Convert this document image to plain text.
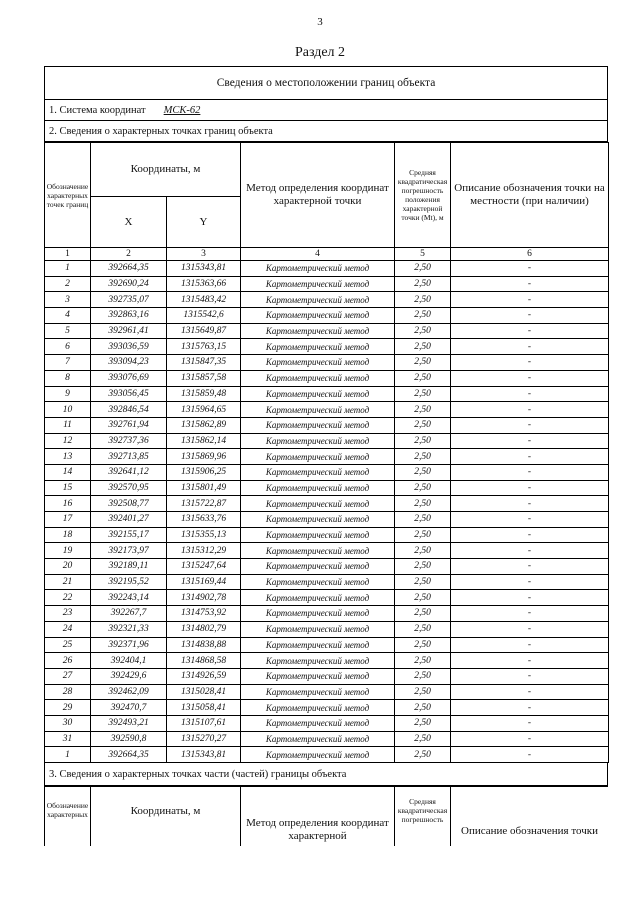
3
Раздел 2
Сведения о местоположении границ объекта
1. Система координат МСК-62
2. Сведения о характерных точках границ объекта
Обозначение характерных точек границ	Координаты, м		Метод определения координат характерной точки	Средняя квадратическая погрешность положения характерной точки (Mt), м	Описание обозначения точки на местности (при наличии)
	X	Y			
1	2	3	4	5	6
1	392664,35	1315343,81	Картометрический метод	2,50	-
2	392690,24	1315363,66	Картометрический метод	2,50	-
3	392735,07	1315483,42	Картометрический метод	2,50	-
4	392863,16	1315542,6	Картометрический метод	2,50	-
5	392961,41	1315649,87	Картометрический метод	2,50	-
6	393036,59	1315763,15	Картометрический метод	2,50	-
7	393094,23	1315847,35	Картометрический метод	2,50	-
8	393076,69	1315857,58	Картометрический метод	2,50	-
9	393056,45	1315859,48	Картометрический метод	2,50	-
10	392846,54	1315964,65	Картометрический метод	2,50	-
11	392761,94	1315862,89	Картометрический метод	2,50	-
12	392737,36	1315862,14	Картометрический метод	2,50	-
13	392713,85	1315869,96	Картометрический метод	2,50	-
14	392641,12	1315906,25	Картометрический метод	2,50	-
15	392570,95	1315801,49	Картометрический метод	2,50	-
16	392508,77	1315722,87	Картометрический метод	2,50	-
17	392401,27	1315633,76	Картометрический метод	2,50	-
18	392155,17	1315355,13	Картометрический метод	2,50	-
19	392173,97	1315312,29	Картометрический метод	2,50	-
20	392189,11	1315247,64	Картометрический метод	2,50	-
21	392195,52	1315169,44	Картометрический метод	2,50	-
22	392243,14	1314902,78	Картометрический метод	2,50	-
23	392267,7	1314753,92	Картометрический метод	2,50	-
24	392321,33	1314802,79	Картометрический метод	2,50	-
25	392371,96	1314838,88	Картометрический метод	2,50	-
26	392404,1	1314868,58	Картометрический метод	2,50	-
27	392429,6	1314926,59	Картометрический метод	2,50	-
28	392462,09	1315028,41	Картометрический метод	2,50	-
29	392470,7	1315058,41	Картометрический метод	2,50	-
30	392493,21	1315107,61	Картометрический метод	2,50	-
31	392590,8	1315270,27	Картометрический метод	2,50	-
1	392664,35	1315343,81	Картометрический метод	2,50	-
3. Сведения о характерных точках части (частей) границы объекта
Обозначение характерных	Координаты, м	Метод определения координат характерной	Средняя квадратическая погрешность	Описание обозначения точки
